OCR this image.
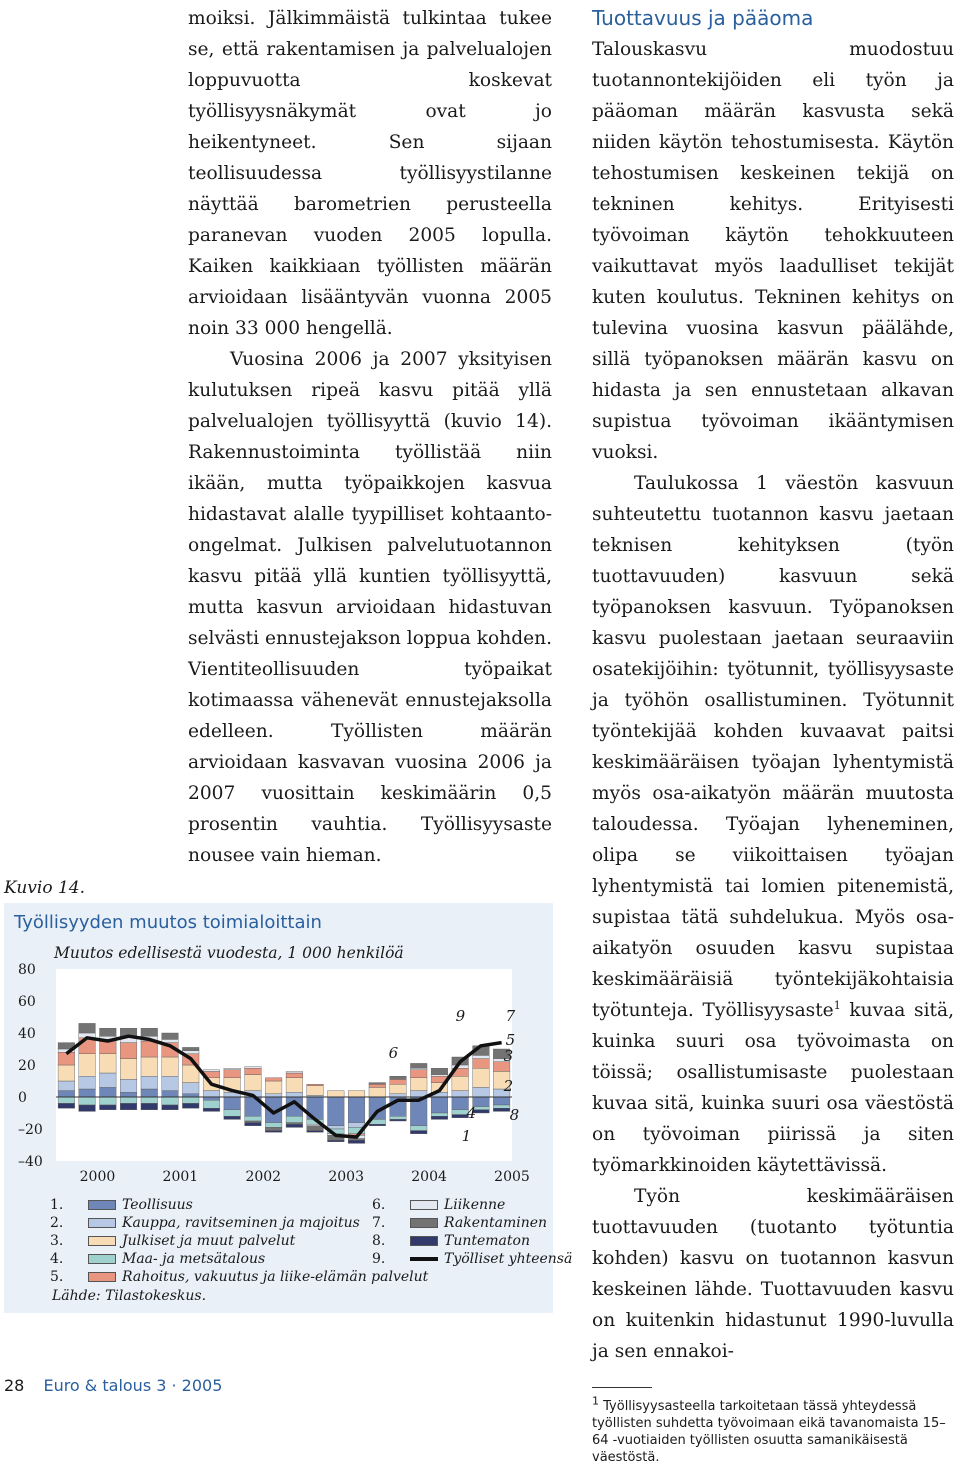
moiksi. Jälkimmäistä tulkintaa tukee se, että rakentamisen ja palvelualojen loppuvuotta koskevat työllisyysnäkymät ovat jo heikentyneet. Sen sijaan teollisuudessa työllisyystilanne näyttää barometrien perusteella paranevan vuoden 2005 lopulla. Kaiken kaikkiaan työllisten määrän arvioidaan lisääntyvän vuonna 2005 noin 33 000 hengellä.

Vuosina 2006 ja 2007 yksityisen kulutuksen ripeä kasvu pitää yllä palvelualojen työllisyyttä (kuvio 14). Rakennustoiminta työllistää niin ikään, mutta työpaikkojen kasvua hidastavat alalle tyypilliset kohtaanto-ongelmat. Julkisen palvelutuotannon kasvu pitää yllä kuntien työllisyyttä, mutta kasvun arvioidaan hidastuvan selvästi ennustejakson loppua kohden. Vientiteollisuuden työpaikat kotimaassa vähenevät ennustejaksolla edelleen. Työllisten määrän arvioidaan kasvavan vuosina 2006 ja 2007 vuosittain keskimäärin 0,5 prosentin vauhtia. Työllisyysaste nousee vain hieman.

Tuottavuus ja pääoma

Talouskasvu muodostuu tuotannontekijöiden eli työn ja pääoman määrän kasvusta sekä niiden käytön tehostumisesta. Käytön tehostumisen keskeinen tekijä on tekninen kehitys. Erityisesti työvoiman käytön tehokkuuteen vaikuttavat myös laadulliset tekijät kuten koulutus. Tekninen kehitys on tulevina vuosina kasvun päälähde, sillä työpanoksen määrän kasvu on hidasta ja sen ennustetaan alkavan supistua työvoiman ikääntymisen vuoksi.

Taulukossa 1 väestön kasvuun suhteutettu tuotannon kasvu jaetaan teknisen kehityksen (työn tuottavuuden) kasvuun sekä työpanoksen kasvuun. Työpanoksen kasvu puolestaan jaetaan seuraaviin osatekijöihin: työtunnit, työllisyysaste ja työhön osallistuminen. Työtunnit työntekijää kohden kuvaavat paitsi keskimääräisen työajan lyhentymistä myös osa-aikatyön määrän muutosta taloudessa. Työajan lyheneminen, olipa se viikoittaisen työajan lyhentymistä tai lomien pitenemistä, supistaa tätä suhdelukua. Myös osa-aikatyön osuuden kasvu supistaa keskimääräisiä työntekijäkohtaisia työtunteja. Työllisyysaste$^1$ kuvaa sitä, kuinka suuri osa työvoimasta on töissä; osallistumisaste puolestaan kuvaa sitä, kuinka suuri osa väestöstä on työvoiman piirissä ja siten työmarkkinoiden käytettävissä.

Työn keskimääräisen tuottavuuden (tuotanto työtuntia kohden) kasvu on tuotannon kasvun keskeinen lähde. Tuottavuuden kasvu on kuitenkin hidastunut 1990-luvulla ja sen ennakoi-

$^1$ Työllisyysasteella tarkoitetaan tässä yhteydessä työllisten suhdetta työvoimaan eikä tavanomaista 15–64 -vuotiaiden työllisten osuutta samanikäisestä väestöstä.

Kuvio 14.
Työllisyyden muutos toimialoittain
Muutos edellisestä vuodesta, 1 000 henkilöä
80
60
40
20
0
–20
–40
2000	2001	2002	2003	2004	2005
9	7
5
3
6
2
4 8
1
1.	Teollisuus
2.	Kauppa, ravitseminen ja majoitus
3.	Julkiset ja muut palvelut
4.	Maa- ja metsätalous
5.	Rahoitus, vakuutus ja liike-elämän palvelut
6.	Liikenne
7.	Rakentaminen
8.	Tuntematon
9.	Työlliset yhteensä
Lähde: Tilastokeskus.
28 Euro & talous 3 · 2005
